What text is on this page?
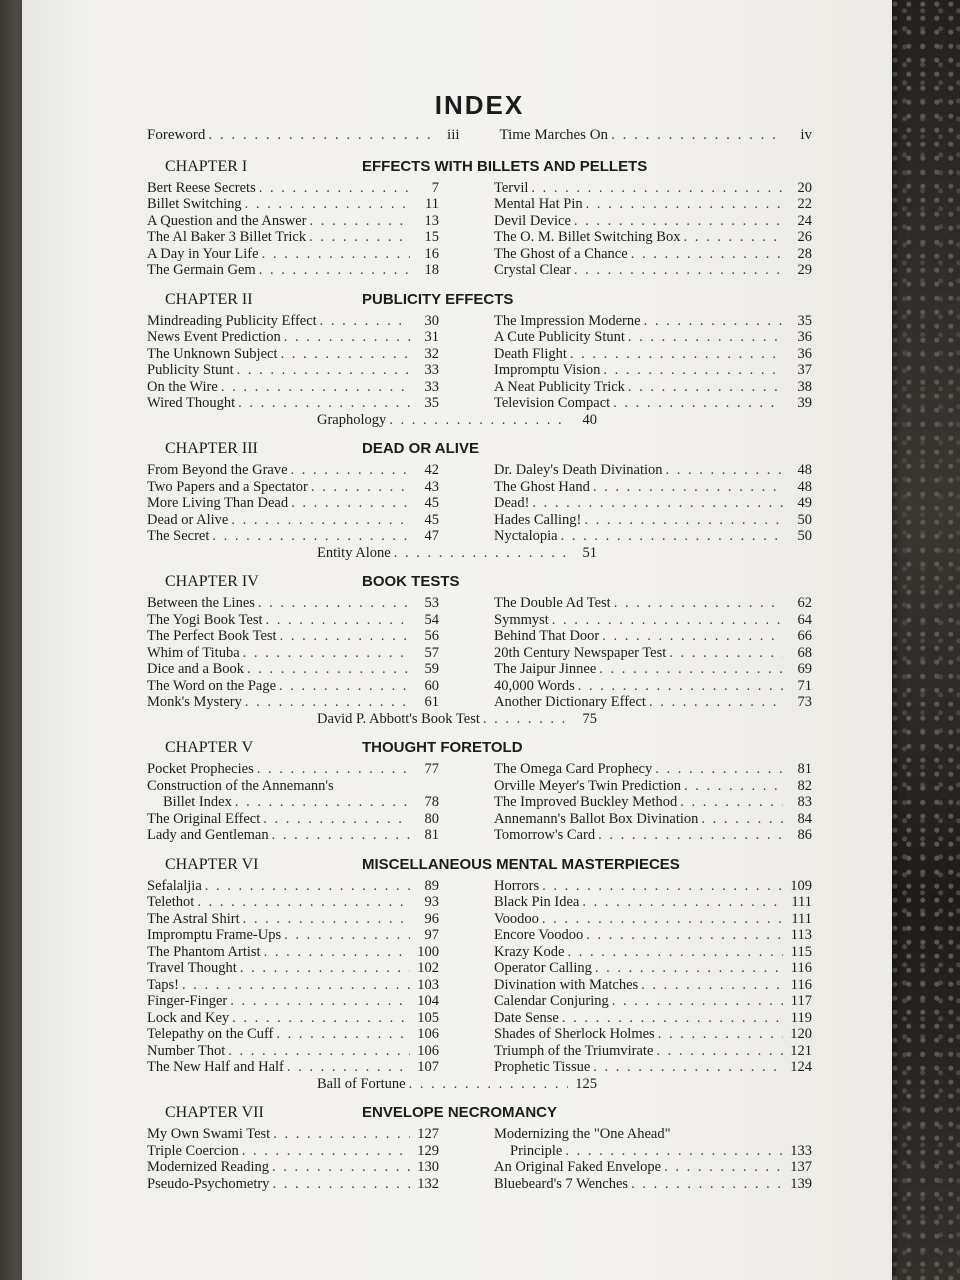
INDEX
Foreword . . .	iii	Time Marches On . . .	iv
CHAPTER I	EFFECTS WITH BILLETS AND PELLETS
Bert Reese Secrets . . .	7
Billet Switching . . .	11
A Question and the Answer . . .	13
The Al Baker 3 Billet Trick . . .	15
A Day in Your Life . . .	16
The Germain Gem . . .	18
Tervil . . .	20
Mental Hat Pin . . .	22
Devil Device . . .	24
The O. M. Billet Switching Box . . .	26
The Ghost of a Chance . . .	28
Crystal Clear . . .	29
CHAPTER II	PUBLICITY EFFECTS
Mindreading Publicity Effect . . .	30
News Event Prediction . . .	31
The Unknown Subject . . .	32
Publicity Stunt . . .	33
On the Wire . . .	33
Wired Thought . . .	35
The Impression Moderne . . .	35
A Cute Publicity Stunt . . .	36
Death Flight . . .	36
Impromptu Vision . . .	37
A Neat Publicity Trick . . .	38
Television Compact . . .	39
Graphology . . .	40
CHAPTER III	DEAD OR ALIVE
From Beyond the Grave . . .	42
Two Papers and a Spectator . . .	43
More Living Than Dead . . .	45
Dead or Alive . . .	45
The Secret . . .	47
Dr. Daley's Death Divination . . .	48
The Ghost Hand . . .	48
Dead! . . .	49
Hades Calling! . . .	50
Nyctalopia . . .	50
Entity Alone . . .	51
CHAPTER IV	BOOK TESTS
Between the Lines . . .	53
The Yogi Book Test . . .	54
The Perfect Book Test . . .	56
Whim of Tituba . . .	57
Dice and a Book . . .	59
The Word on the Page . . .	60
Monk's Mystery . . .	61
The Double Ad Test . . .	62
Symmyst . . .	64
Behind That Door . . .	66
20th Century Newspaper Test . . .	68
The Jaipur Jinnee . . .	69
40,000 Words . . .	71
Another Dictionary Effect . . .	73
David P. Abbott's Book Test . . .	75
CHAPTER V	THOUGHT FORETOLD
Pocket Prophecies . . .	77
Construction of the Annemann's
Billet Index . . .	78
The Original Effect . . .	80
Lady and Gentleman . . .	81
The Omega Card Prophecy . . .	81
Orville Meyer's Twin Prediction . . .	82
The Improved Buckley Method . . .	83
Annemann's Ballot Box Divination . . .	84
Tomorrow's Card . . .	86
CHAPTER VI	MISCELLANEOUS MENTAL MASTERPIECES
Sefalaljia . . .	89
Telethot . . .	93
The Astral Shirt . . .	96
Impromptu Frame-Ups . . .	97
The Phantom Artist . . .	100
Travel Thought . . .	102
Taps! . . .	103
Finger-Finger . . .	104
Lock and Key . . .	105
Telepathy on the Cuff . . .	106
Number Thot . . .	106
The New Half and Half . . .	107
Horrors . . .	109
Black Pin Idea . . .	111
Voodoo . . .	111
Encore Voodoo . . .	113
Krazy Kode . . .	115
Operator Calling . . .	116
Divination with Matches . . .	116
Calendar Conjuring . . .	117
Date Sense . . .	119
Shades of Sherlock Holmes . . .	120
Triumph of the Triumvirate . . .	121
Prophetic Tissue . . .	124
Ball of Fortune . . .	125
CHAPTER VII	ENVELOPE NECROMANCY
My Own Swami Test . . .	127
Triple Coercion . . .	129
Modernized Reading . . .	130
Pseudo-Psychometry . . .	132
Modernizing the "One Ahead"
Principle . . .	133
An Original Faked Envelope . . .	137
Bluebeard's 7 Wenches . . .	139
